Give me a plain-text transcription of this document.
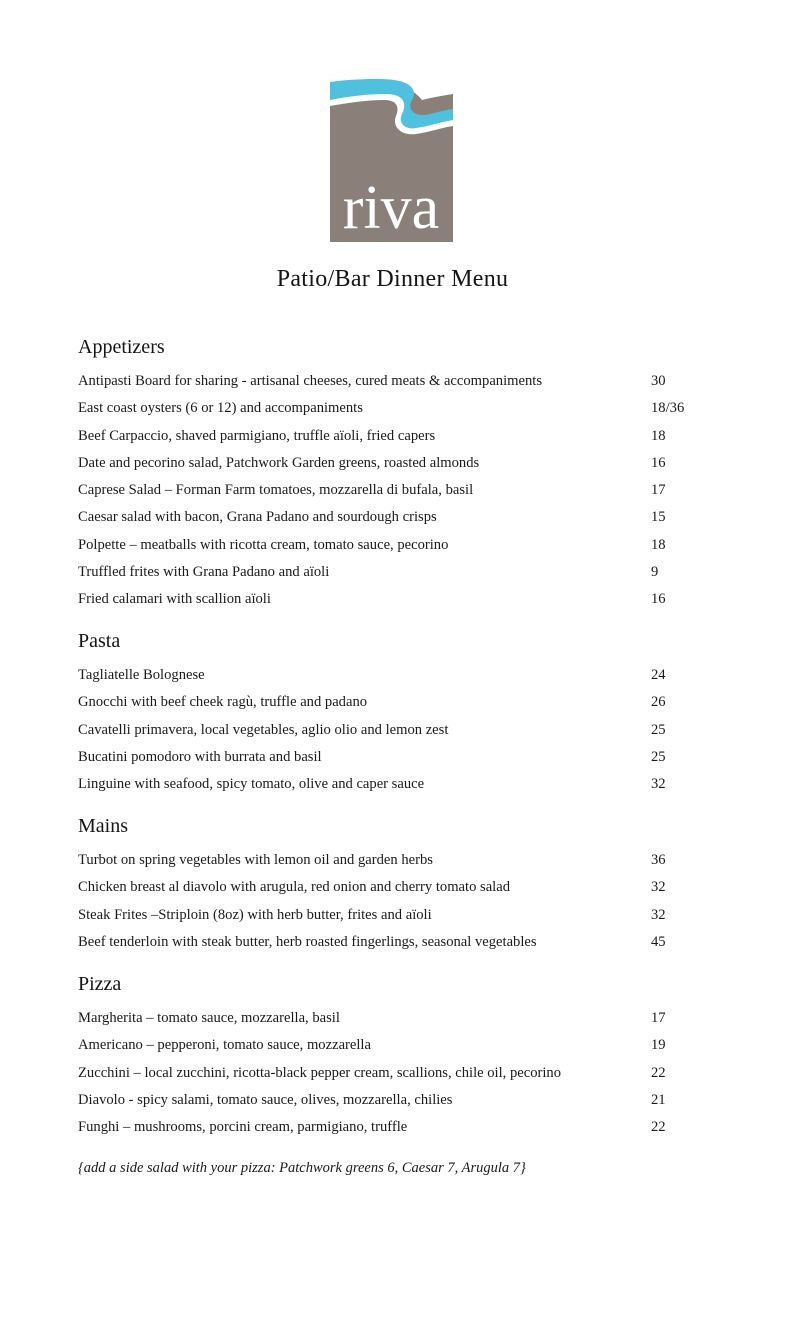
riva
Patio/Bar Dinner Menu
Appetizers
Antipasti Board for sharing - artisanal cheeses, cured meats & accompaniments	30
East coast oysters (6 or 12) and accompaniments	18/36
Beef Carpaccio, shaved parmigiano, truffle aïoli, fried capers	18
Date and pecorino salad, Patchwork Garden greens, roasted almonds	16
Caprese Salad – Forman Farm tomatoes, mozzarella di bufala, basil	17
Caesar salad with bacon, Grana Padano and sourdough crisps	15
Polpette – meatballs with ricotta cream, tomato sauce, pecorino	18
Truffled frites with Grana Padano and aïoli	9
Fried calamari with scallion aïoli	16
Pasta
Tagliatelle Bolognese	24
Gnocchi with beef cheek ragù, truffle and padano	26
Cavatelli primavera, local vegetables, aglio olio and lemon zest	25
Bucatini pomodoro with burrata and basil	25
Linguine with seafood, spicy tomato, olive and caper sauce	32
Mains
Turbot on spring vegetables with lemon oil and garden herbs	36
Chicken breast al diavolo with arugula, red onion and cherry tomato salad	32
Steak Frites –Striploin (8oz) with herb butter, frites and aïoli	32
Beef tenderloin with steak butter, herb roasted fingerlings, seasonal vegetables	45
Pizza
Margherita – tomato sauce, mozzarella, basil	17
Americano – pepperoni, tomato sauce, mozzarella	19
Zucchini – local zucchini, ricotta-black pepper cream, scallions, chile oil, pecorino	22
Diavolo - spicy salami, tomato sauce, olives, mozzarella, chilies	21
Funghi – mushrooms, porcini cream, parmigiano, truffle	22
{add a side salad with your pizza: Patchwork greens 6, Caesar 7, Arugula 7}
